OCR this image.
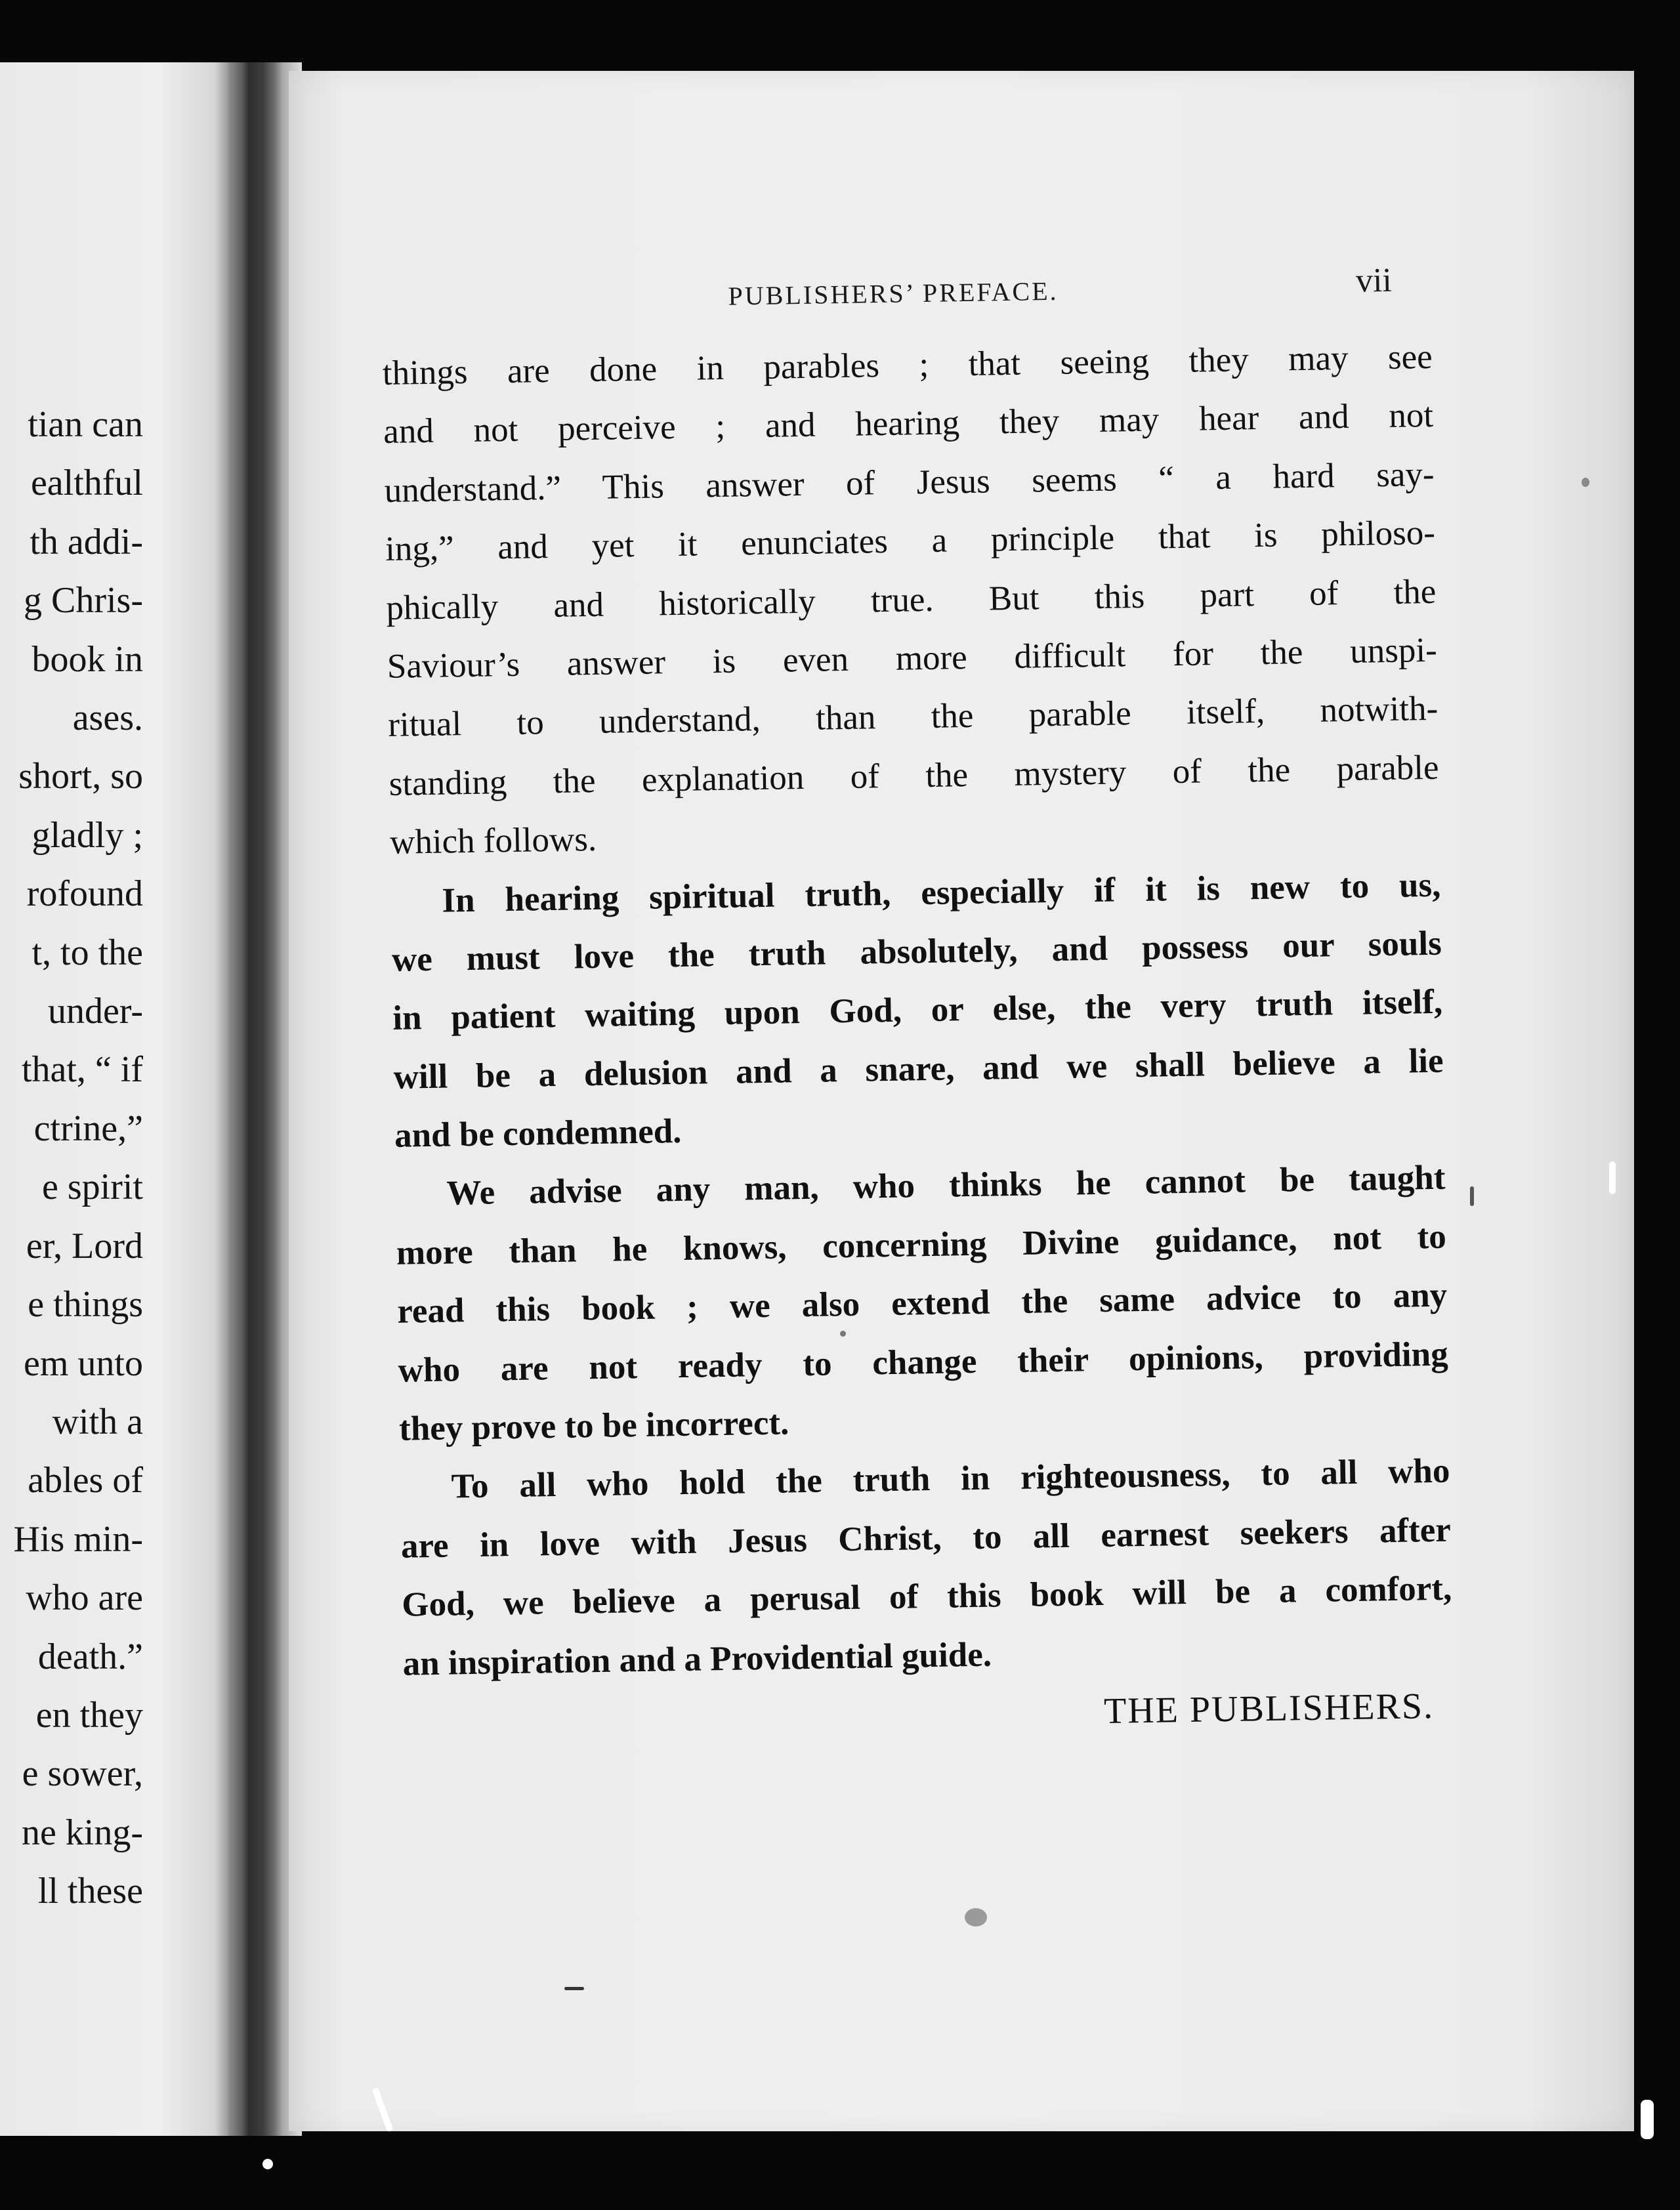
tian can
ealthful
th addi-
g Chris-
book in
ases.
short, so
gladly ;
rofound
t, to the
under-
that, “ if
ctrine,”
e spirit
er, Lord
e things
em unto
with a
ables of
His min-
who are
death.”
en they
e sower,
ne king-
ll these
PUBLISHERS’ PREFACE.	vii
things are done in parables ; that seeing they may see
and not perceive ; and hearing they may hear and not
understand.” This answer of Jesus seems “ a hard say-
ing,” and yet it enunciates a principle that is philoso-
phically and historically true. But this part of the
Saviour’s answer is even more difficult for the unspi-
ritual to understand, than the parable itself, notwith-
standing the explanation of the mystery of the parable
which follows.
In hearing spiritual truth, especially if it is new to us,
we must love the truth absolutely, and possess our souls
in patient waiting upon God, or else, the very truth itself,
will be a delusion and a snare, and we shall believe a lie
and be condemned.
We advise any man, who thinks he cannot be taught
more than he knows, concerning Divine guidance, not to
read this book ; we also extend the same advice to any
who are not ready to change their opinions, providing
they prove to be incorrect.
To all who hold the truth in righteousness, to all who
are in love with Jesus Christ, to all earnest seekers after
God, we believe a perusal of this book will be a comfort,
an inspiration and a Providential guide.
THE PUBLISHERS.
